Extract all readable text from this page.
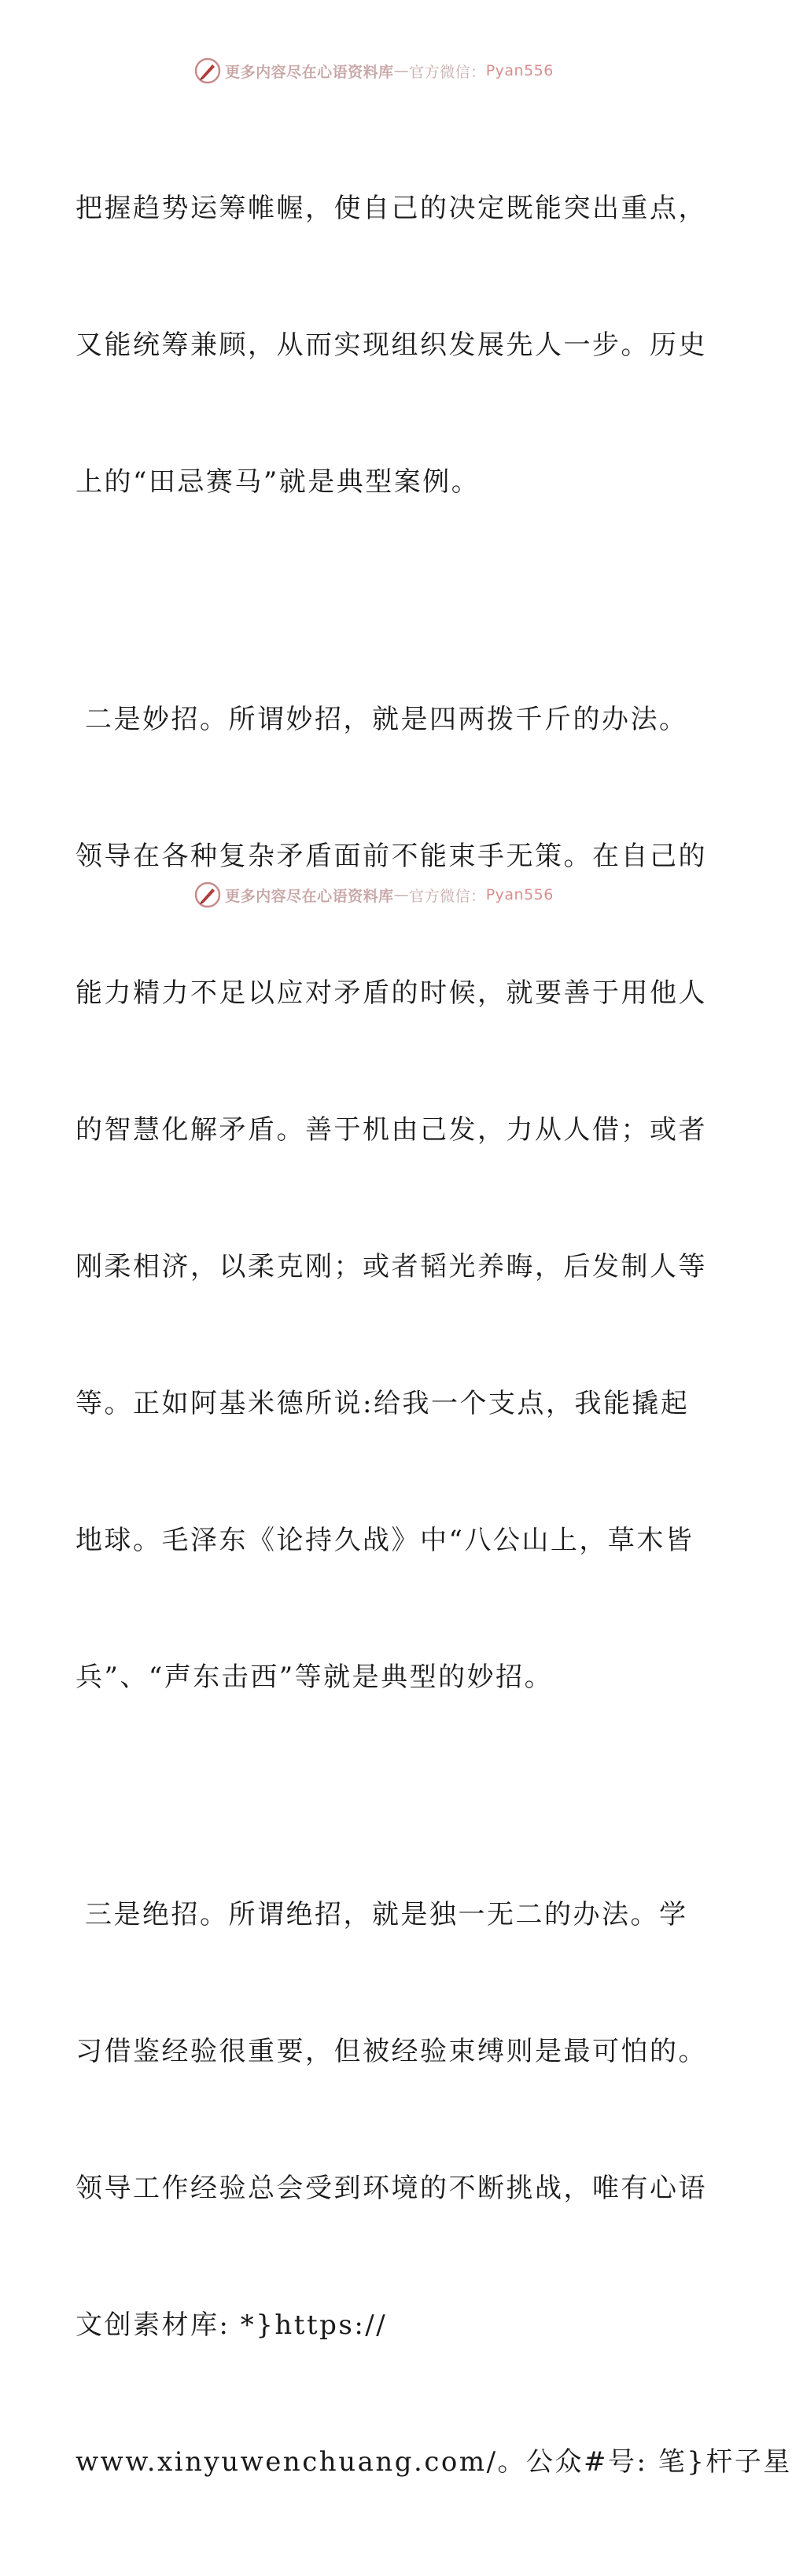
更多内容尽在心语资料库 — 官方微信： Pyan556

把握趋势运筹帷幄，使自己的决定既能突出重点，

又能统筹兼顾，从而实现组织发展先人一步。历史

上的“田忌赛马”就是典型案例。

二是妙招。所谓妙招，就是四两拨千斤的办法。

领导在各种复杂矛盾面前不能束手无策。在自己的

能力精力不足以应对矛盾的时候，就要善于用他人

的智慧化解矛盾。善于机由己发，力从人借；或者

刚柔相济，以柔克刚；或者韬光养晦，后发制人等

等。正如阿基米德所说:给我一个支点，我能撬起

地球。毛泽东《论持久战》中“八公山上，草木皆

兵”、“声东击西”等就是典型的妙招。

三是绝招。所谓绝招，就是独一无二的办法。学

习借鉴经验很重要，但被经验束缚则是最可怕的。

领导工作经验总会受到环境的不断挑战，唯有心语

文创素材库: *}https://

www.xinyuwenchuang.com/。公众#号: 笔}杆子星

更多内容尽在心语资料库 — 官方微信： Pyan556
